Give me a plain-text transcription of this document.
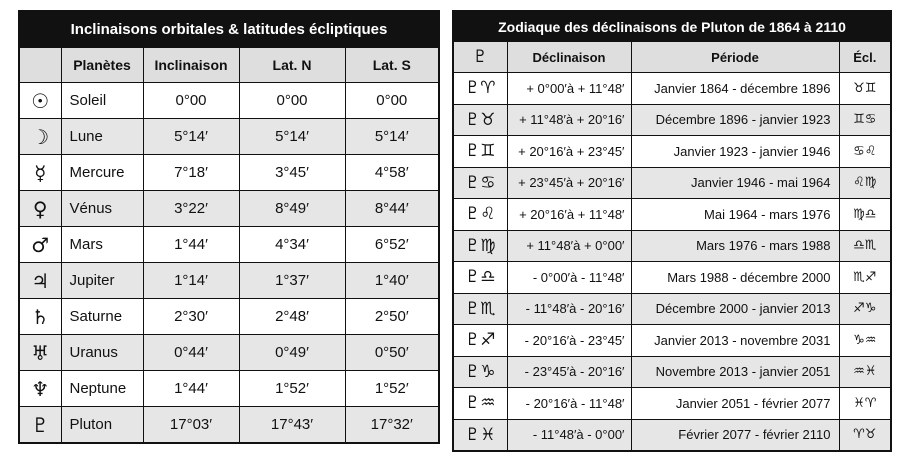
Inclinaisons orbitales & latitudes écliptiques				
	Planètes	Inclinaison	Lat. N	Lat. S
☉	Soleil	0°00	0°00	0°00
☽	Lune	5°14′	5°14′	5°14′
☿	Mercure	7°18′	3°45′	4°58′
♀	Vénus	3°22′	8°49′	8°44′
♂	Mars	1°44′	4°34′	6°52′
♃	Jupiter	1°14′	1°37′	1°40′
♄	Saturne	2°30′	2°48′	2°50′
♅	Uranus	0°44′	0°49′	0°50′
♆	Neptune	1°44′	1°52′	1°52′
♇	Pluton	17°03′	17°43′	17°32′
Zodiaque des déclinaisons de Pluton de 1864 à 2110			
♇	Déclinaison	Période	Écl.
♇♈	+ 0°00′à + 11°48′	Janvier 1864 - décembre 1896	♉♊
♇♉	+ 11°48′à + 20°16′	Décembre 1896 - janvier 1923	♊♋
♇♊	+ 20°16′à + 23°45′	Janvier 1923 - janvier 1946	♋♌
♇♋	+ 23°45′à + 20°16′	Janvier 1946 - mai 1964	♌♍
♇♌	+ 20°16′à + 11°48′	Mai 1964 - mars 1976	♍♎
♇♍	+ 11°48′à + 0°00′	Mars 1976 - mars 1988	♎♏
♇♎	- 0°00′à - 11°48′	Mars 1988 - décembre 2000	♏♐
♇♏	- 11°48′à - 20°16′	Décembre 2000 - janvier 2013	♐♑
♇♐	- 20°16′à - 23°45′	Janvier 2013 - novembre 2031	♑♒
♇♑	- 23°45′à - 20°16′	Novembre 2013 - janvier 2051	♒♓
♇♒	- 20°16′à - 11°48′	Janvier 2051 - février 2077	♓♈
♇♓	- 11°48′à - 0°00′	Février 2077 - février 2110	♈♉
